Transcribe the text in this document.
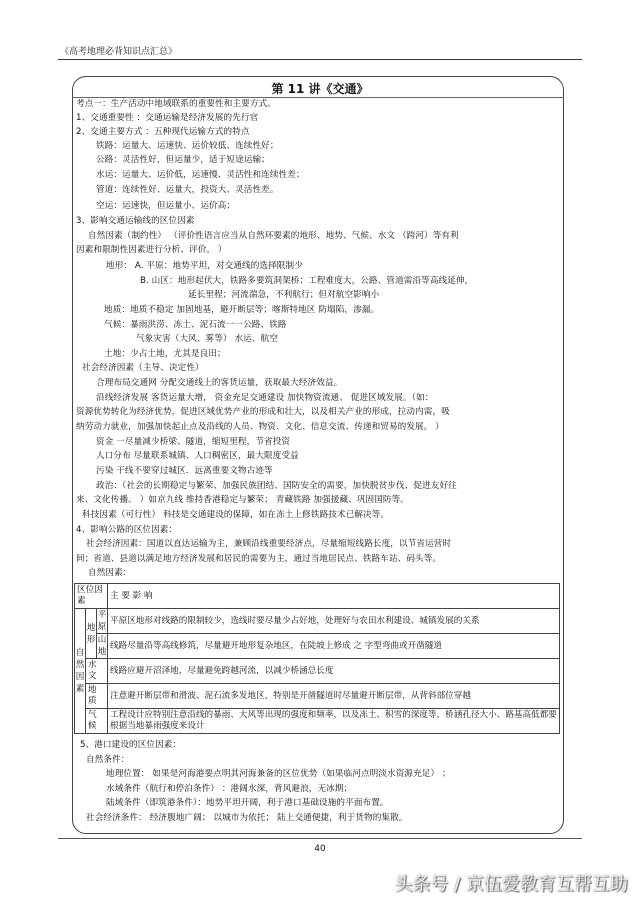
《高考地理必背知识点汇总》
第 11 讲《交通》
考点一：生产活动中地域联系的重要性和主要方式。
1、交通重要性 ：交通运输是经济发展的先行官
2、交通主要方式 ：五种现代运输方式的特点
铁路：运量大、运速快、运价较低、连续性好；
公路：灵活性好，但运量少，适于短途运输；
水运：运量大、运价低，运速慢、灵活性和连续性差；
管道：连续性好、运量大，投资大、灵活性差。
空运：运速快，但运量小、运价高；
3、影响交通运输线的区位因素
自然因素（制约性） （评价性语言应当从自然环要素的地形、地势、气候、水文 （跨河）等有利
因素和限制性因素进行分析、评价。 ）
地形： A. 平原：地势平坦，对交通线的选择限制少
B. 山区：地形起伏大，铁路多要筑洞架桥；工程难度大，公路、管道需沿等高线延伸，
延长里程；河流湍急，不利航行；但对航空影响小
地质：地质不稳定 加固地基，避开断层等；喀斯特地区 防塌陷，渗漏。
气候：暴雨洪涝、冻土、泥石流一一公路、铁路
气象灾害（大风、雾等） 水运、航空
土地：少占土地，尤其是良田；
社会经济因素（主导、决定性）
合理布局交通网 分配交通线上的客货运量，获取最大经济效益。
沿线经济发展 客货运量大增， 资金充足交通建设 加快物资流通、 促进区域发展。（如：
资源优势转化为经济优势，促进区域优势产业的形成和壮大，以及相关产业的形成，拉动内需，吸
纳劳动力就业，加强加快起止点及沿线的人员、物资、文化、信息交流、传递和贸易的发展。 ）
资金 一尽量减少桥梁、隧道，缩短里程，节省投资
人口分布 尽量联系城镇、人口稠密区，最大限度受益
污染 干线不要穿过城区．远离重要文物古迹等
政治：（社会的长期稳定与繁荣、加强民族团结、国防安全的需要，加快脱贫步伐、促进友好往
来、文化传播。 ）如京九线 维持香港稳定与繁荣； 青藏铁路 加强援藏、巩固国防等。
科技因素（可行性） 科技是交通建设的保障，如在冻土上修铁路技术已解决等。
4、影响公路的区位因素：
社会经济因素：国道以直达运输为主，兼顾沿线重要经济点，尽量缩短线路长度，以节省运营时
间；省道、县道以满足地方经济发展和居民的需要为主，通过当地居民点、铁路车站、码头等。
自然因素：
区位因素			主 要 影 响
自然因素	地形	平原	平原区地形对线路的限制较少，选线时要尽量少占好地，处理好与农田水利建设、城镇发展的关系
		山地	线路尽量沿等高线修筑，尽量避开地形复杂地区，在陡坡上修成 之 字型弯曲或开凿隧道
	水文		线路应避开沼泽地，尽量避免跨越河流，以减少桥涵总长度
	地质		注意避开断层带和滑波、泥石流多发地区，特别是开凿隧道时尽量避开断层带，从背斜部位穿越
	气候		工程设计应特别注意沿线的暴雨、大风等出现的强度和频率，以及冻土、积雪的深度等，桥涵孔径大小、路基高低都要根据当地暴雨强度来设计
5、港口建设的区位因素：
自然条件：
地理位置： 如果是河海港要点明其河海兼备的区位优势（如果临河点明淡水资源充足） ；
水域条件（航行和停泊条件） ：港阔水深，背风避浪，无冰期；
陆域条件（即筑港条件）：地势平坦开阔，利于港口基础设施的平面布置。
社会经济条件： 经济腹地广阔； 以城市为依托； 陆上交通便捷，利于货物的集散。
40
头条号 / 京伍爱教育互帮互助
